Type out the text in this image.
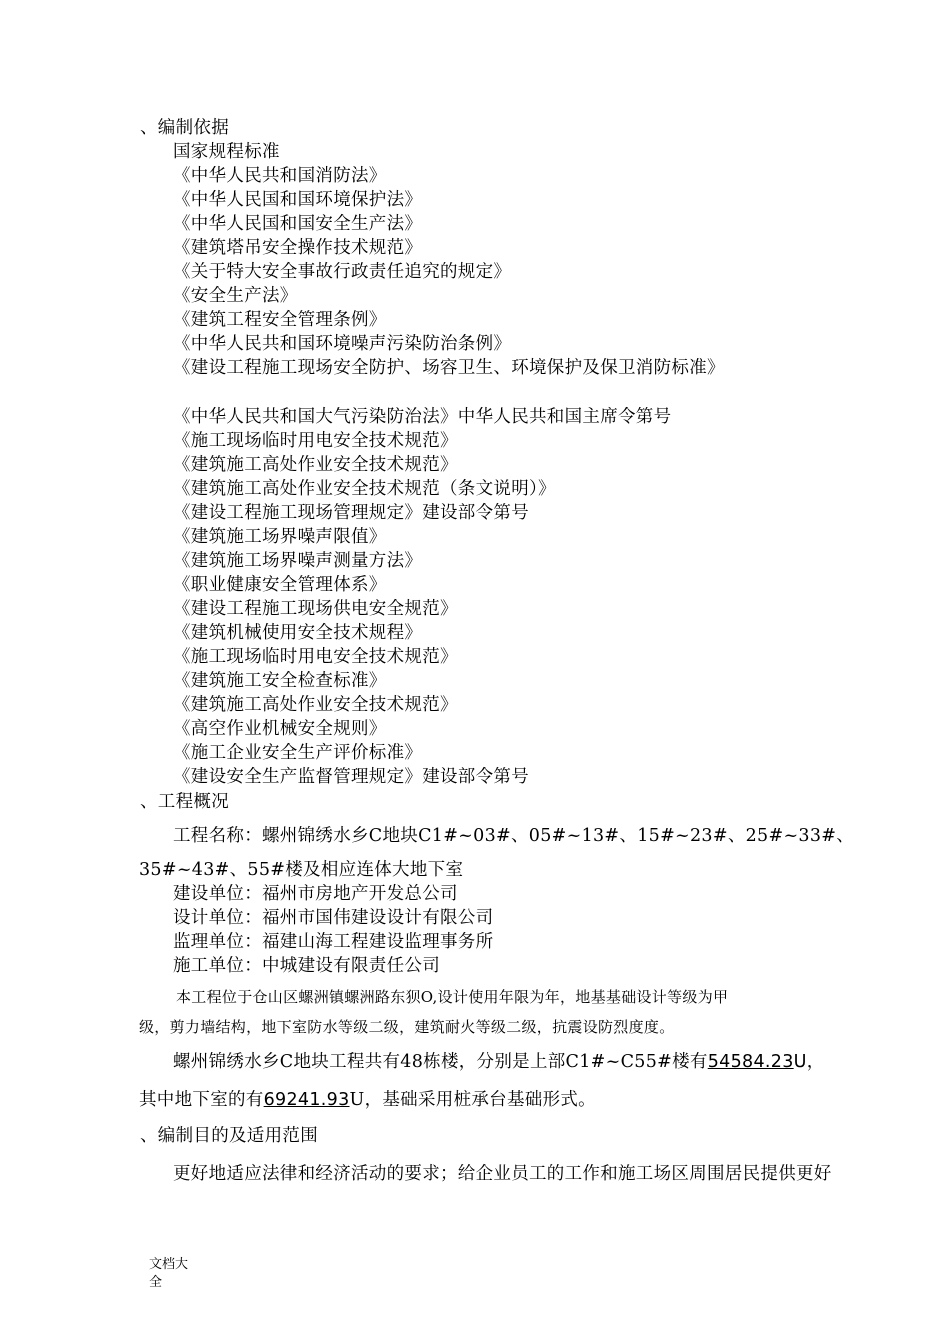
、编制依据
国家规程标准
《中华人民共和国消防法》
《中华人民国和国环境保护法》
《中华人民国和国安全生产法》
《建筑塔吊安全操作技术规范》
《关于特大安全事故行政责任追究的规定》
《安全生产法》
《建筑工程安全管理条例》
《中华人民共和国环境噪声污染防治条例》
《建设工程施工现场安全防护、场容卫生、环境保护及保卫消防标准》
《中华人民共和国大气污染防治法》中华人民共和国主席令第号
《施工现场临时用电安全技术规范》
《建筑施工高处作业安全技术规范》
《建筑施工高处作业安全技术规范（条文说明）》
《建设工程施工现场管理规定》建设部令第号
《建筑施工场界噪声限值》
《建筑施工场界噪声测量方法》
《职业健康安全管理体系》
《建设工程施工现场供电安全规范》
《建筑机械使用安全技术规程》
《施工现场临时用电安全技术规范》
《建筑施工安全检查标准》
《建筑施工高处作业安全技术规范》
《高空作业机械安全规则》
《施工企业安全生产评价标准》
《建设安全生产监督管理规定》建设部令第号
、工程概况
工程名称：螺州锦绣水乡C地块C1#~03#、05#~13#、15#~23#、25#~33#、
35#~43#、55#楼及相应连体大地下室
建设单位：福州市房地产开发总公司
设计单位：福州市国伟建设设计有限公司
监理单位：福建山海工程建设监理事务所
施工单位：中城建设有限责任公司
本工程位于仓山区螺洲镇螺洲路东狈O,设计使用年限为年，地基基础设计等级为甲
级，剪力墙结构，地下室防水等级二级，建筑耐火等级二级，抗震设防烈度度。
螺州锦绣水乡C地块工程共有48栋楼，分别是上部C1#~C55#楼有54584.23U，
其中地下室的有69241.93U，基础采用桩承台基础形式。
、编制目的及适用范围
更好地适应法律和经济活动的要求；给企业员工的工作和施工场区周围居民提供更好
文档大全
